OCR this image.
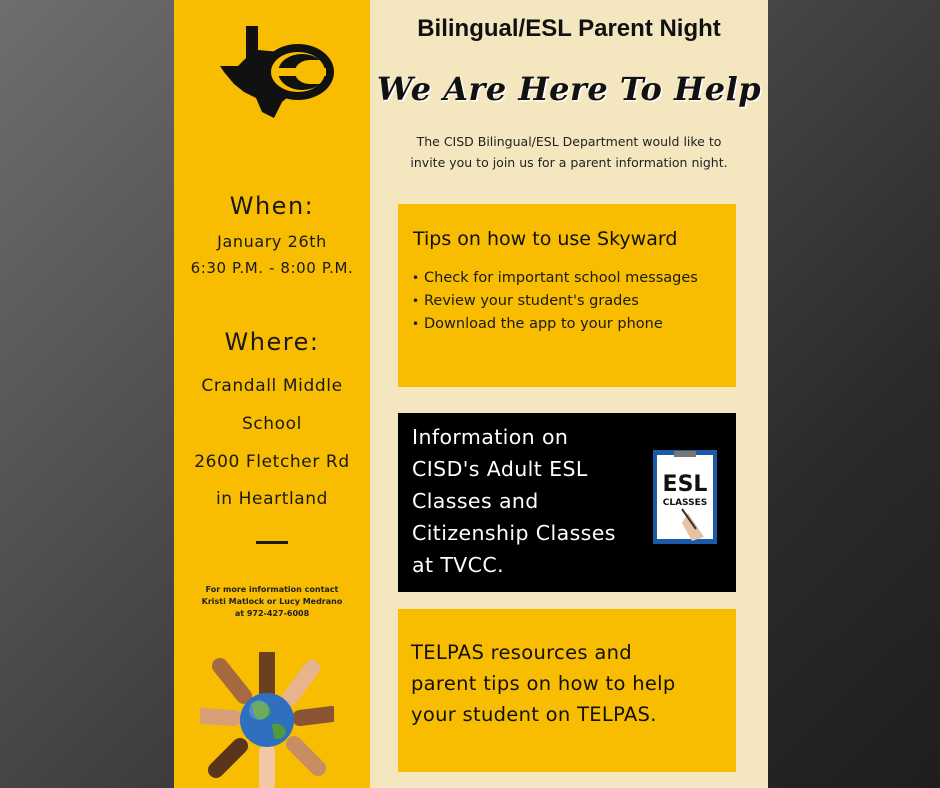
When:
January 26th
6:30 P.M. - 8:00 P.M.
Where:
Crandall Middle
School
2600 Fletcher Rd
in Heartland
For more information contact
Kristi Matlock or Lucy Medrano
at 972-427-6008
Bilingual/ESL Parent Night
We Are Here To Help
The CISD Bilingual/ESL Department would like to
invite you to join us for a parent information night.
Tips on how to use Skyward
• Check for important school messages
• Review your student's grades
• Download the app to your phone
Information on
CISD's Adult ESL
Classes and
Citizenship Classes
at TVCC.
ESL
CLASSES
TELPAS resources and
parent tips on how to help
your student on TELPAS.
